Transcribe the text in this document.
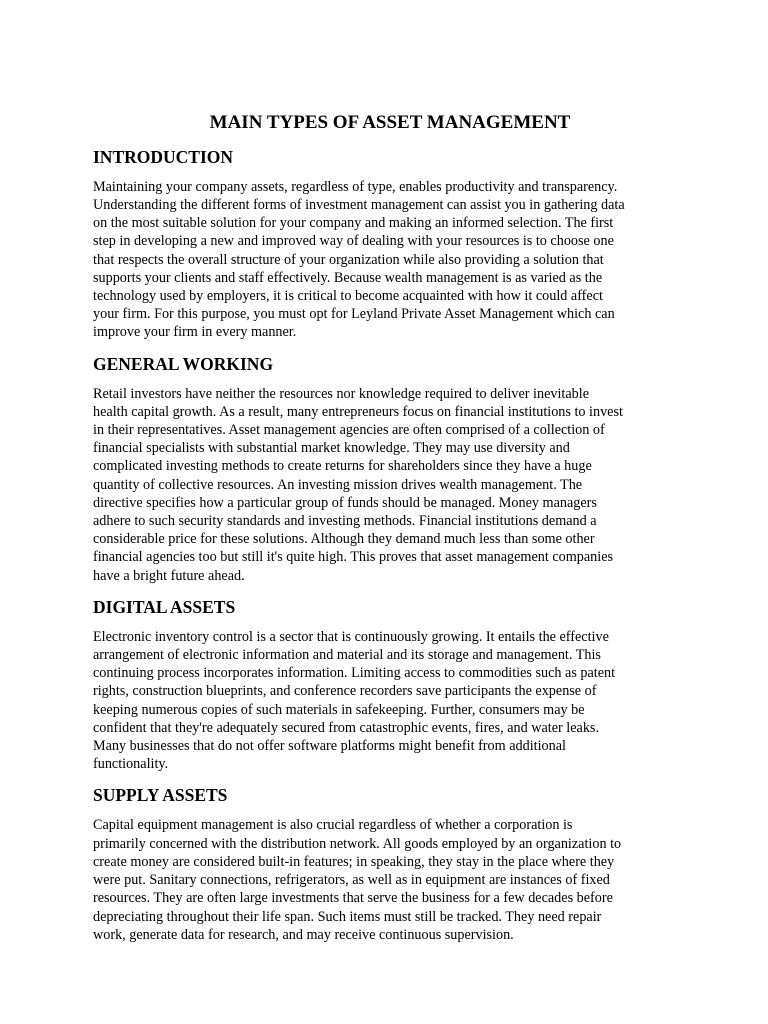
MAIN TYPES OF ASSET MANAGEMENT
INTRODUCTION

Maintaining your company assets, regardless of type, enables productivity and transparency.
Understanding the different forms of investment management can assist you in gathering data
on the most suitable solution for your company and making an informed selection. The first
step in developing a new and improved way of dealing with your resources is to choose one
that respects the overall structure of your organization while also providing a solution that
supports your clients and staff effectively. Because wealth management is as varied as the
technology used by employers, it is critical to become acquainted with how it could affect
your firm. For this purpose, you must opt for Leyland Private Asset Management which can
improve your firm in every manner.

GENERAL WORKING

Retail investors have neither the resources nor knowledge required to deliver inevitable
health capital growth. As a result, many entrepreneurs focus on financial institutions to invest
in their representatives. Asset management agencies are often comprised of a collection of
financial specialists with substantial market knowledge. They may use diversity and
complicated investing methods to create returns for shareholders since they have a huge
quantity of collective resources. An investing mission drives wealth management. The
directive specifies how a particular group of funds should be managed. Money managers
adhere to such security standards and investing methods. Financial institutions demand a
considerable price for these solutions. Although they demand much less than some other
financial agencies too but still it's quite high. This proves that asset management companies
have a bright future ahead.

DIGITAL ASSETS

Electronic inventory control is a sector that is continuously growing. It entails the effective
arrangement of electronic information and material and its storage and management. This
continuing process incorporates information. Limiting access to commodities such as patent
rights, construction blueprints, and conference recorders save participants the expense of
keeping numerous copies of such materials in safekeeping. Further, consumers may be
confident that they're adequately secured from catastrophic events, fires, and water leaks.
Many businesses that do not offer software platforms might benefit from additional
functionality.

SUPPLY ASSETS

Capital equipment management is also crucial regardless of whether a corporation is
primarily concerned with the distribution network. All goods employed by an organization to
create money are considered built-in features; in speaking, they stay in the place where they
were put. Sanitary connections, refrigerators, as well as in equipment are instances of fixed
resources. They are often large investments that serve the business for a few decades before
depreciating throughout their life span. Such items must still be tracked. They need repair
work, generate data for research, and may receive continuous supervision.
